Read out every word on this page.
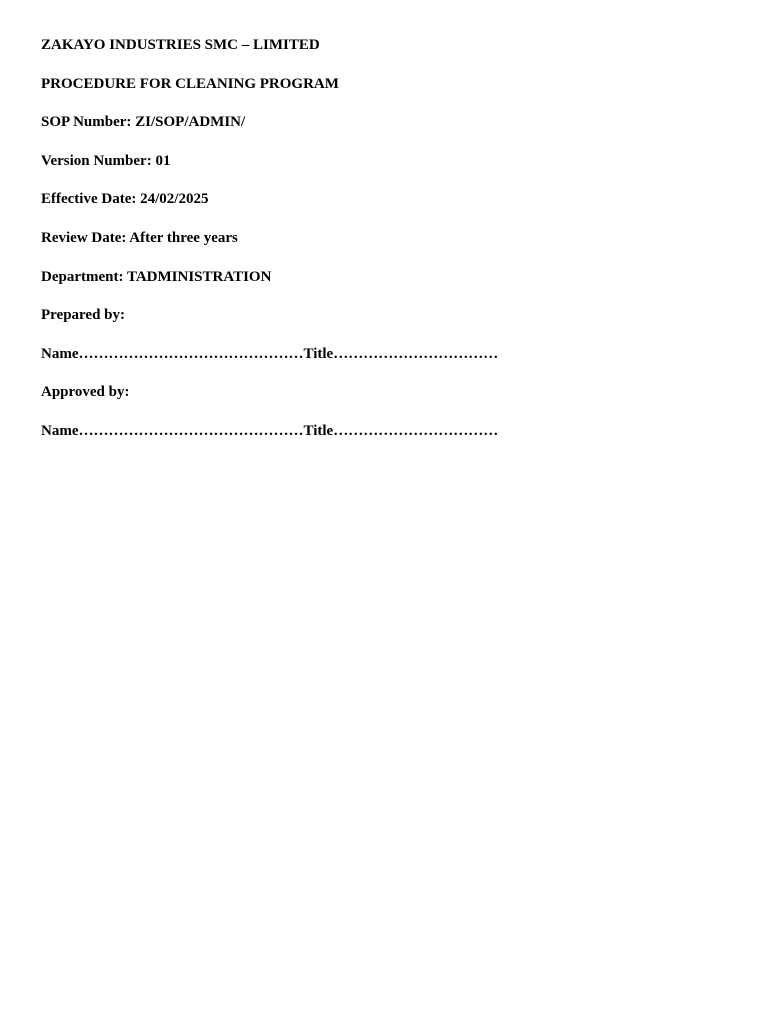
ZAKAYO INDUSTRIES SMC – LIMITED
PROCEDURE FOR CLEANING PROGRAM
SOP Number: ZI/SOP/ADMIN/
Version Number: 01
Effective Date: 24/02/2025
Review Date: After three years
Department: TADMINISTRATION
Prepared by:
Name………………………………………Title……………………………
Approved by:
Name………………………………………Title……………………………
